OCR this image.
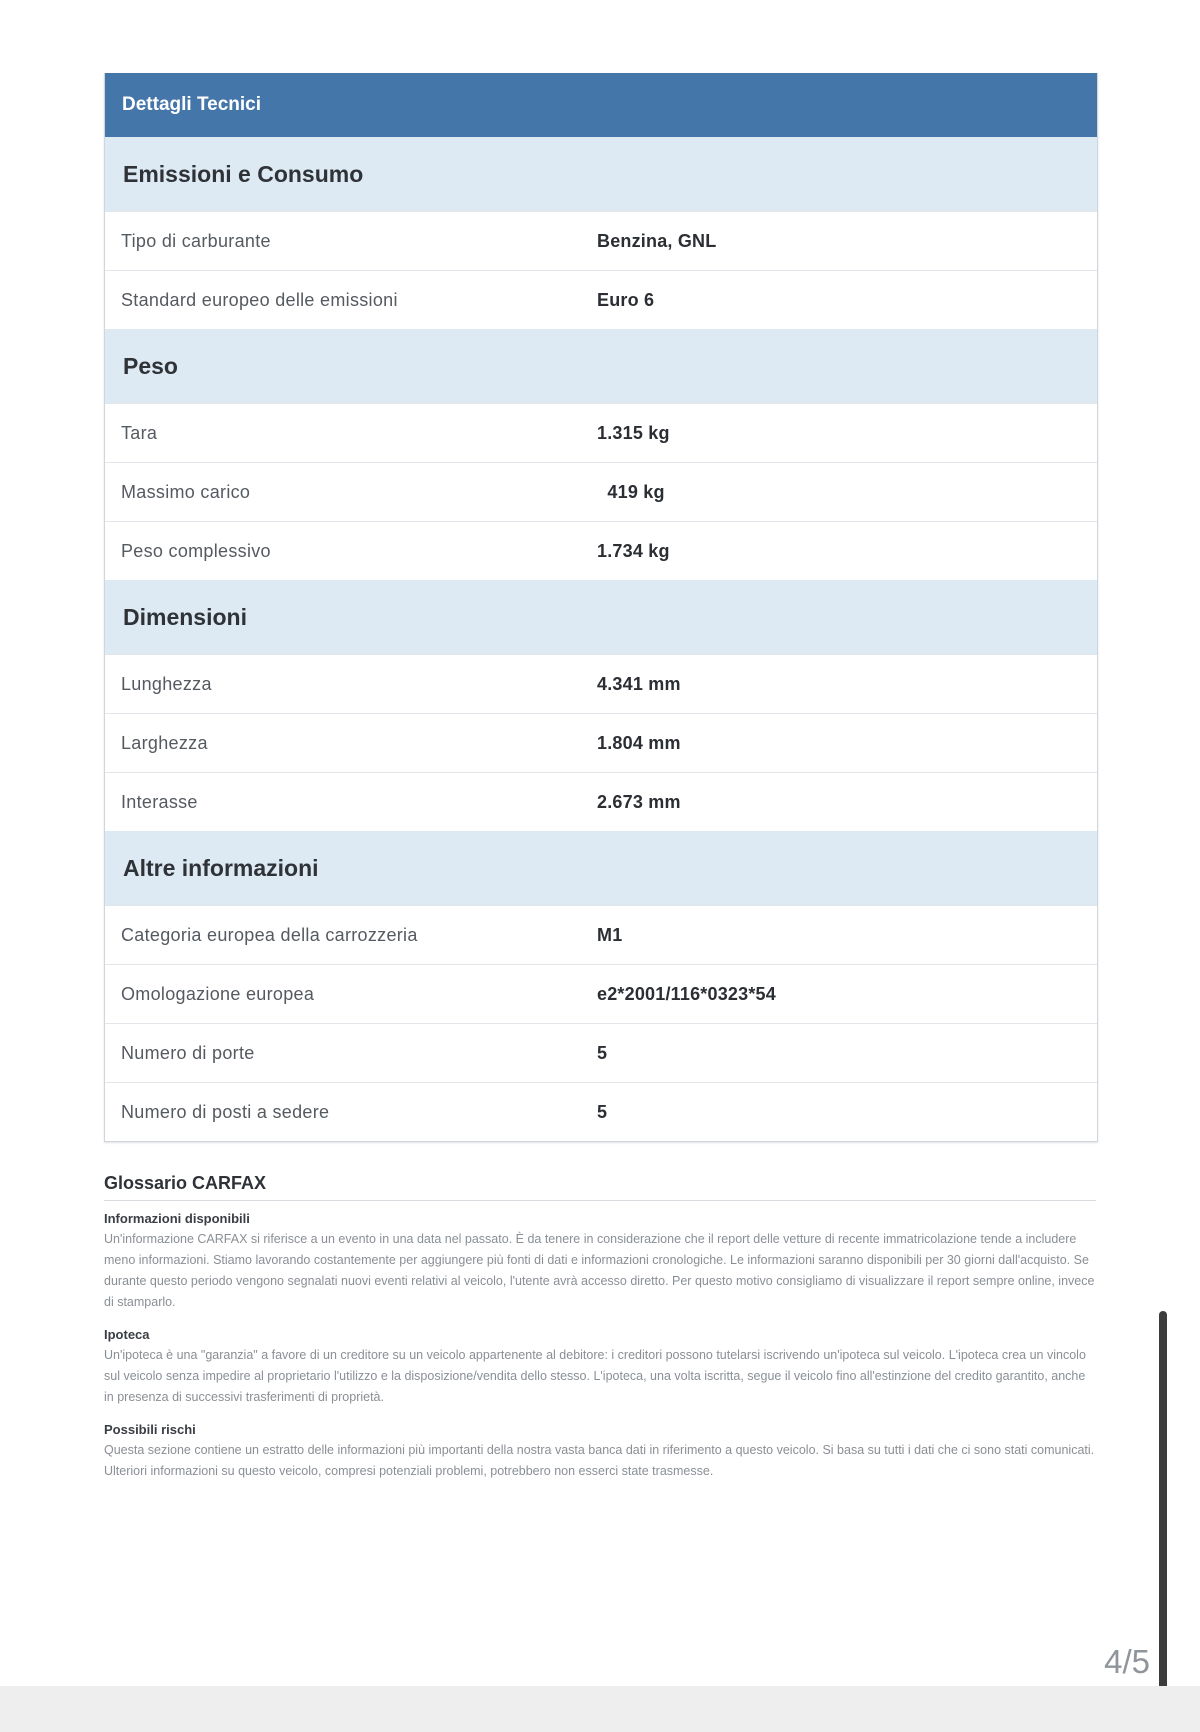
Dettagli Tecnici
Emissioni e Consumo
Tipo di carburante	Benzina, GNL
Standard europeo delle emissioni	Euro 6
Peso
Tara	1.315 kg
Massimo carico	419 kg
Peso complessivo	1.734 kg
Dimensioni
Lunghezza	4.341 mm
Larghezza	1.804 mm
Interasse	2.673 mm
Altre informazioni
Categoria europea della carrozzeria	M1
Omologazione europea	e2*2001/116*0323*54
Numero di porte	5
Numero di posti a sedere	5
Glossario CARFAX
Informazioni disponibili
Un'informazione CARFAX si riferisce a un evento in una data nel passato. È da tenere in considerazione che il report delle vetture di recente immatricolazione tende a includere meno informazioni. Stiamo lavorando costantemente per aggiungere più fonti di dati e informazioni cronologiche. Le informazioni saranno disponibili per 30 giorni dall'acquisto. Se durante questo periodo vengono segnalati nuovi eventi relativi al veicolo, l'utente avrà accesso diretto. Per questo motivo consigliamo di visualizzare il report sempre online, invece di stamparlo.
Ipoteca
Un'ipoteca è una "garanzia" a favore di un creditore su un veicolo appartenente al debitore: i creditori possono tutelarsi iscrivendo un'ipoteca sul veicolo. L'ipoteca crea un vincolo sul veicolo senza impedire al proprietario l'utilizzo e la disposizione/vendita dello stesso. L'ipoteca, una volta iscritta, segue il veicolo fino all'estinzione del credito garantito, anche in presenza di successivi trasferimenti di proprietà.
Possibili rischi
Questa sezione contiene un estratto delle informazioni più importanti della nostra vasta banca dati in riferimento a questo veicolo. Si basa su tutti i dati che ci sono stati comunicati. Ulteriori informazioni su questo veicolo, compresi potenziali problemi, potrebbero non esserci state trasmesse.
4/5
